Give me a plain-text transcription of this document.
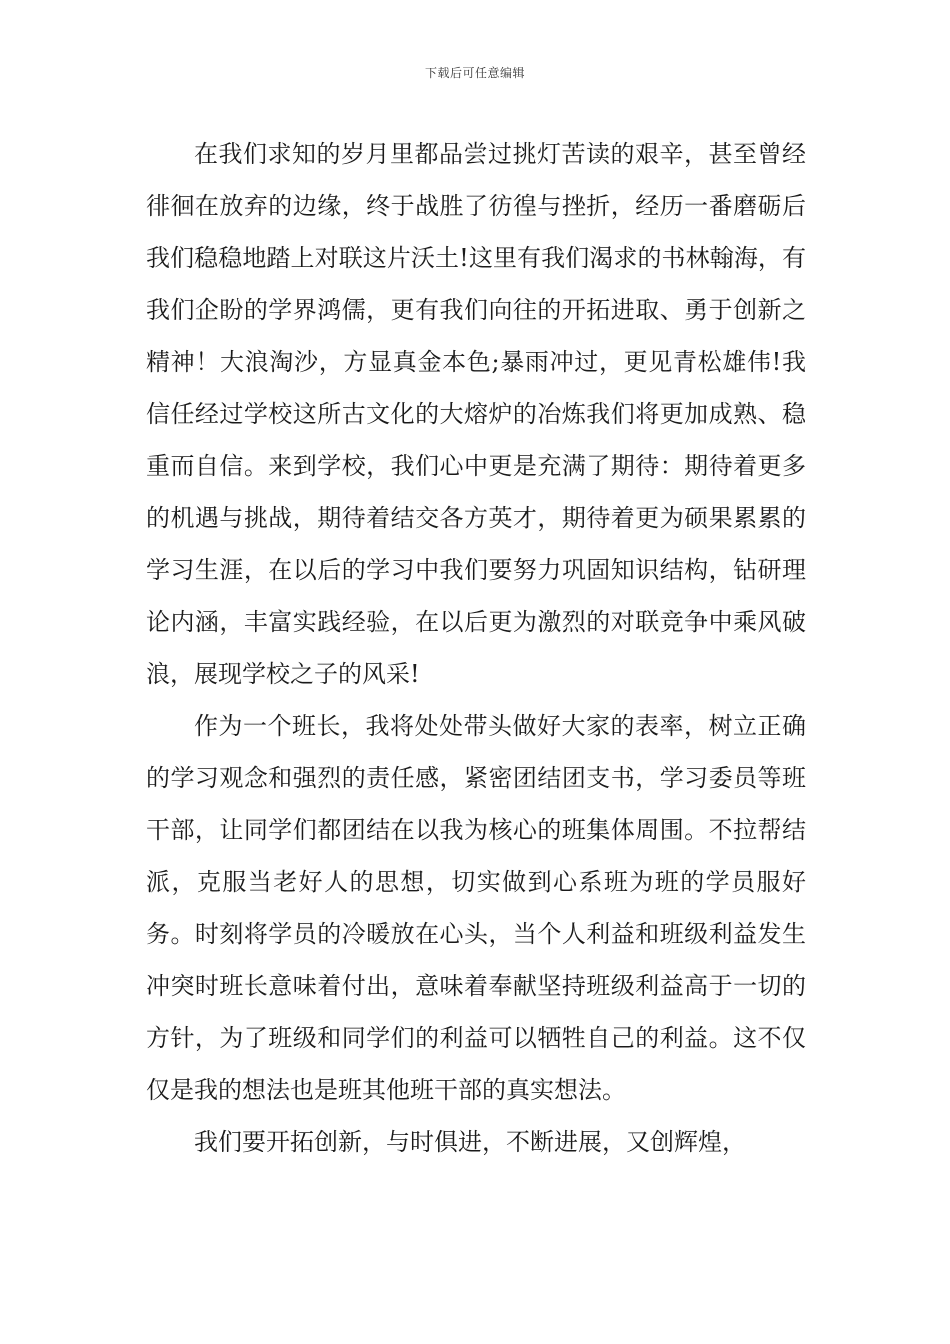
下载后可任意编辑

在我们求知的岁月里都品尝过挑灯苦读的艰辛，甚至曾经徘徊在放弃的边缘，终于战胜了彷徨与挫折，经历一番磨砺后我们稳稳地踏上对联这片沃土!这里有我们渴求的书林翰海，有我们企盼的学界鸿儒，更有我们向往的开拓进取、勇于创新之精神！大浪淘沙，方显真金本色;暴雨冲过，更见青松雄伟!我信任经过学校这所古文化的大熔炉的冶炼我们将更加成熟、稳重而自信。来到学校，我们心中更是充满了期待：期待着更多的机遇与挑战，期待着结交各方英才，期待着更为硕果累累的学习生涯，在以后的学习中我们要努力巩固知识结构，钻研理论内涵，丰富实践经验，在以后更为激烈的对联竞争中乘风破浪，展现学校之子的风采!

作为一个班长，我将处处带头做好大家的表率，树立正确的学习观念和强烈的责任感，紧密团结团支书，学习委员等班干部，让同学们都团结在以我为核心的班集体周围。不拉帮结派，克服当老好人的思想，切实做到心系班为班的学员服好务。时刻将学员的冷暖放在心头，当个人利益和班级利益发生冲突时班长意味着付出，意味着奉献坚持班级利益高于一切的方针，为了班级和同学们的利益可以牺牲自己的利益。这不仅仅是我的想法也是班其他班干部的真实想法。

我们要开拓创新，与时俱进，不断进展，又创辉煌，
